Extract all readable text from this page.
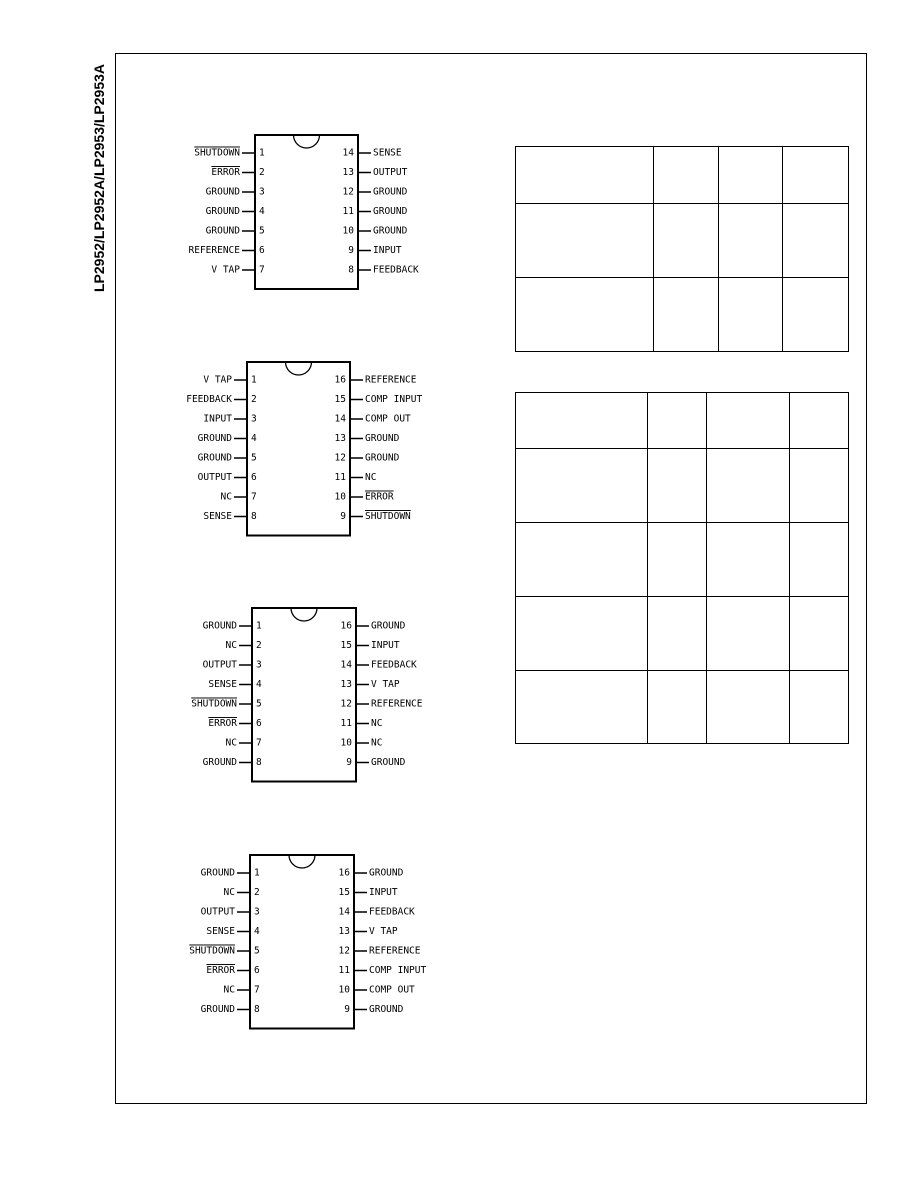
LP2952/LP2952A/LP2953/LP2953A	SHUTDOWN 1	14 SENSE
ERROR 2	13 OUTPUT
GROUND 3	12 GROUND
GROUND 4	11 GROUND
GROUND 5	10 GROUND
REFERENCE 6	9 INPUT
V TAP 7	8 FEEDBACK
V TAP 1	16 REFERENCE
FEEDBACK 2	15 COMP INPUT
INPUT 3	14 COMP OUT
GROUND 4	13 GROUND
GROUND 5	12 GROUND
OUTPUT 6	11 NC
NC 7	10 ERROR
SENSE 8	9 SHUTDOWN
GROUND 1	16 GROUND
NC 2	15 INPUT
OUTPUT 3	14 FEEDBACK
SENSE 4	13 V TAP
SHUTDOWN 5	12 REFERENCE
ERROR 6	11 NC
NC 7	10 NC
GROUND 8	9 GROUND
GROUND 1	16 GROUND
NC 2	15 INPUT
OUTPUT 3	14 FEEDBACK
SENSE 4	13 V TAP
SHUTDOWN 5	12 REFERENCE
ERROR 6	11 COMP INPUT
NC 7	10 COMP OUT
GROUND 8	9 GROUND
